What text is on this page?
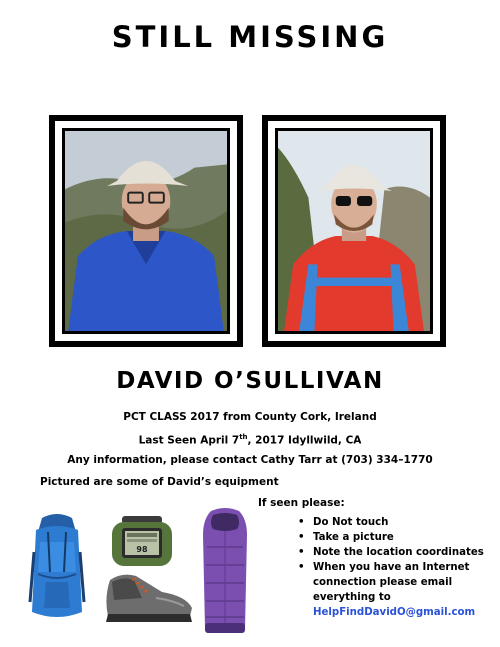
STILL MISSING
DAVID O’SULLIVAN
PCT CLASS 2017 from County Cork, Ireland
Last Seen April 7th, 2017 Idyllwild, CA
Any information, please contact Cathy Tarr at (703) 334–1770
Pictured are some of David’s equipment
If seen please:
98
• Do Not touch
• Take a picture
• Note the location coordinates
• When you have an Internet
connection please email
everything to
HelpFindDavidO@gmail.com
